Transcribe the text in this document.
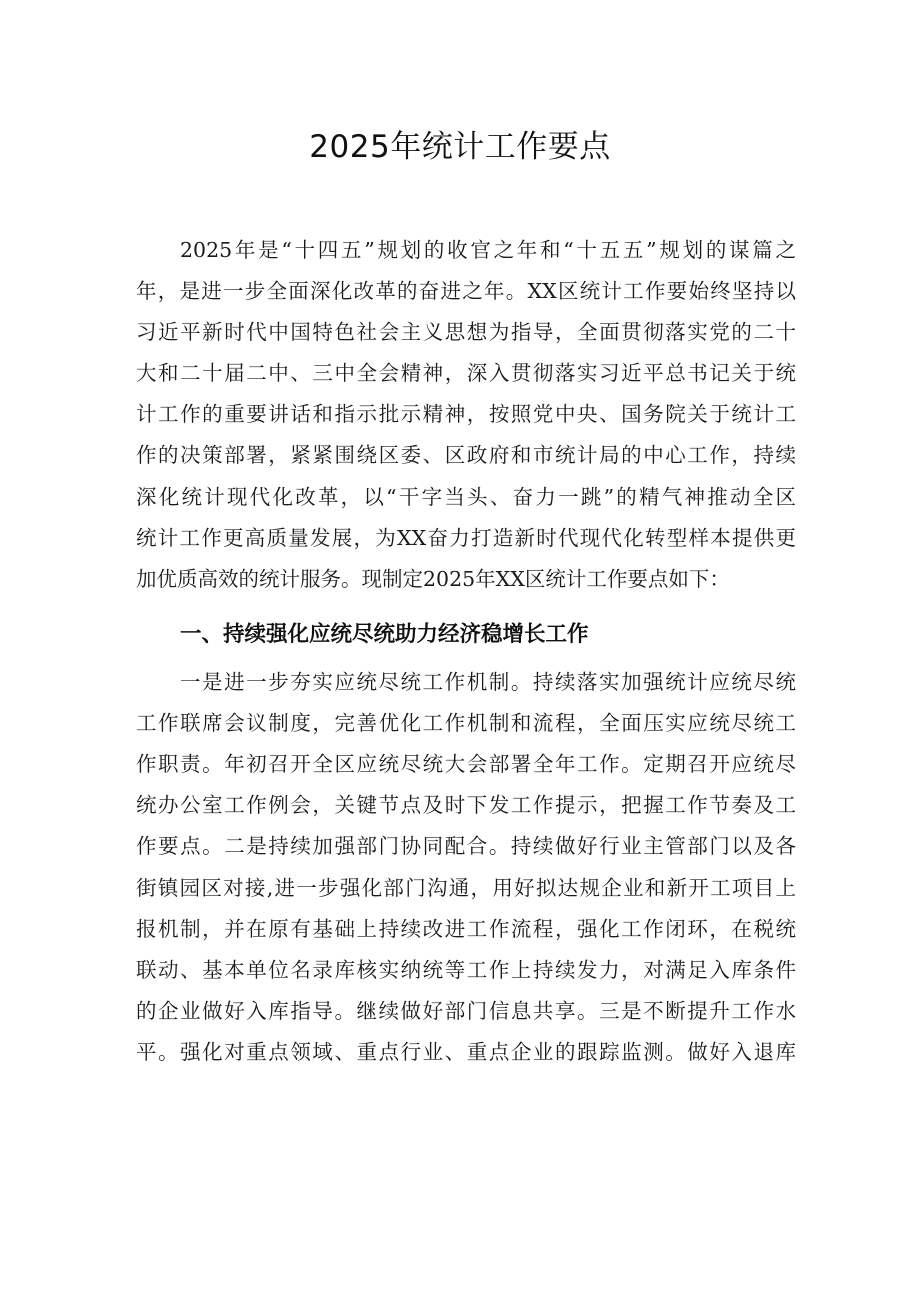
2025年统计工作要点

2025年是“十四五”规划的收官之年和“十五五”规划的谋篇之

年，是进一步全面深化改革的奋进之年。XX区统计工作要始终坚持以

习近平新时代中国特色社会主义思想为指导，全面贯彻落实党的二十

大和二十届二中、三中全会精神，深入贯彻落实习近平总书记关于统

计工作的重要讲话和指示批示精神，按照党中央、国务院关于统计工

作的决策部署，紧紧围绕区委、区政府和市统计局的中心工作，持续

深化统计现代化改革，以“干字当头、奋力一跳”的精气神推动全区

统计工作更高质量发展，为XX奋力打造新时代现代化转型样本提供更

加优质高效的统计服务。现制定2025年XX区统计工作要点如下：

一、持续强化应统尽统助力经济稳增长工作

一是进一步夯实应统尽统工作机制。持续落实加强统计应统尽统

工作联席会议制度，完善优化工作机制和流程，全面压实应统尽统工

作职责。年初召开全区应统尽统大会部署全年工作。定期召开应统尽

统办公室工作例会，关键节点及时下发工作提示，把握工作节奏及工

作要点。二是持续加强部门协同配合。持续做好行业主管部门以及各

街镇园区对接,进一步强化部门沟通，用好拟达规企业和新开工项目上

报机制，并在原有基础上持续改进工作流程，强化工作闭环，在税统

联动、基本单位名录库核实纳统等工作上持续发力，对满足入库条件

的企业做好入库指导。继续做好部门信息共享。三是不断提升工作水

平。强化对重点领域、重点行业、重点企业的跟踪监测。做好入退库
